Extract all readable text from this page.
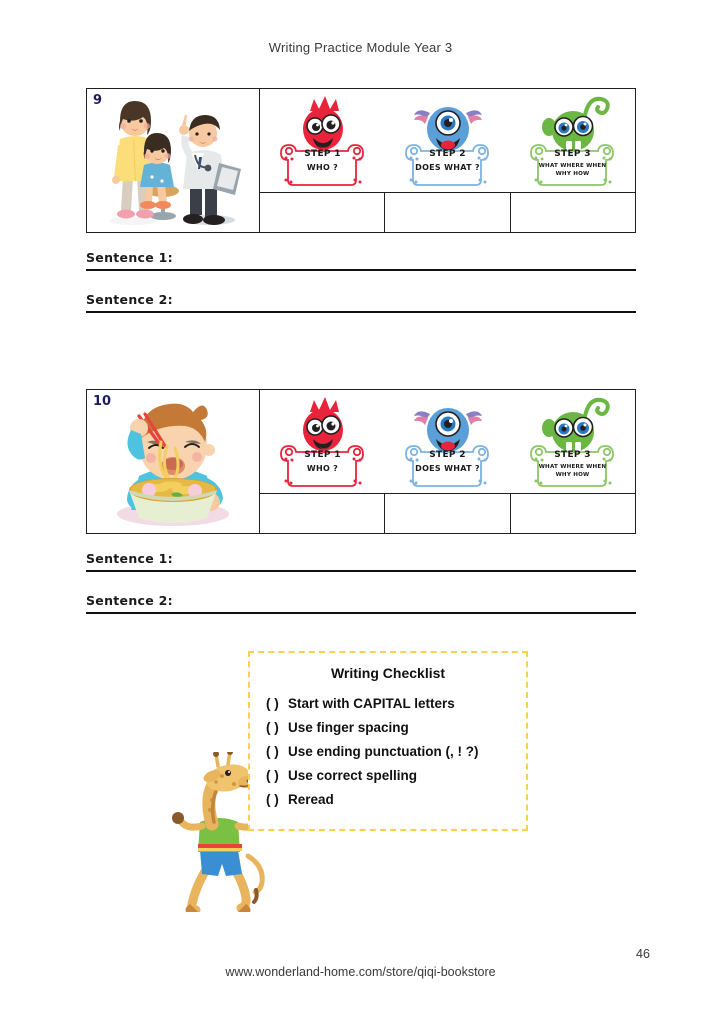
Writing Practice Module Year 3
9
STEP 1
WHO ?
STEP 2
DOES WHAT ?
STEP 3
WHAT WHERE WHEN
WHY HOW
Sentence 1:
Sentence 2:
10
STEP 1
WHO ?
STEP 2
DOES WHAT ?
STEP 3
WHAT WHERE WHEN
WHY HOW
Sentence 1:
Sentence 2:
Writing Checklist
( ) Start with CAPITAL letters
( ) Use finger spacing
( ) Use ending punctuation (, ! ?)
( ) Use correct spelling
( ) Reread
46
www.wonderland-home.com/store/qiqi-bookstore
